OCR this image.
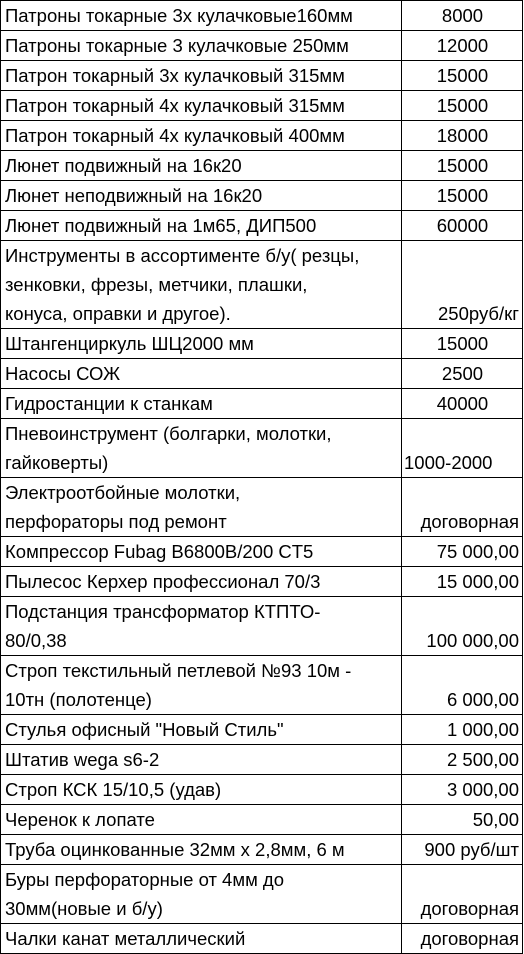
Патроны токарные 3х кулачковые160мм	8000

Патроны токарные 3 кулачковые 250мм	12000

Патрон токарный 3х кулачковый 315мм	15000

Патрон токарный 4х кулачковый 315мм	15000

Патрон токарный 4х кулачковый 400мм	18000

Люнет подвижный на 16к20	15000

Люнет неподвижный на 16к20	15000

Люнет подвижный на 1м65, ДИП500	60000

Инструменты в ассортименте б/у( резцы,
зенковки, фрезы, метчики, плашки,
конуса, оправки и другое).	250руб/кг

Штангенциркуль ШЦ2000 мм	15000

Насосы СОЖ	2500

Гидростанции к станкам	40000

Пневоинструмент (болгарки, молотки,
гайковерты)	1000-2000

Электроотбойные молотки,
перфораторы под ремонт	договорная

Компрессор Fubag B6800B/200 CT5	75 000,00

Пылесос Керхер профессионал 70/3	15 000,00

Подстанция трансформатор КТПТО-
80/0,38	100 000,00

Строп текстильный петлевой №93 10м -
10тн (полотенце)	6 000,00

Стулья офисный "Новый Стиль"	1 000,00

Штатив wega s6-2	2 500,00

Строп КСК 15/10,5 (удав)	3 000,00

Черенок к лопате	50,00

Труба оцинкованные 32мм х 2,8мм, 6 м	900 руб/шт

Буры перфораторные от 4мм до
30мм(новые и б/у)	договорная

Чалки канат металлический	договорная
